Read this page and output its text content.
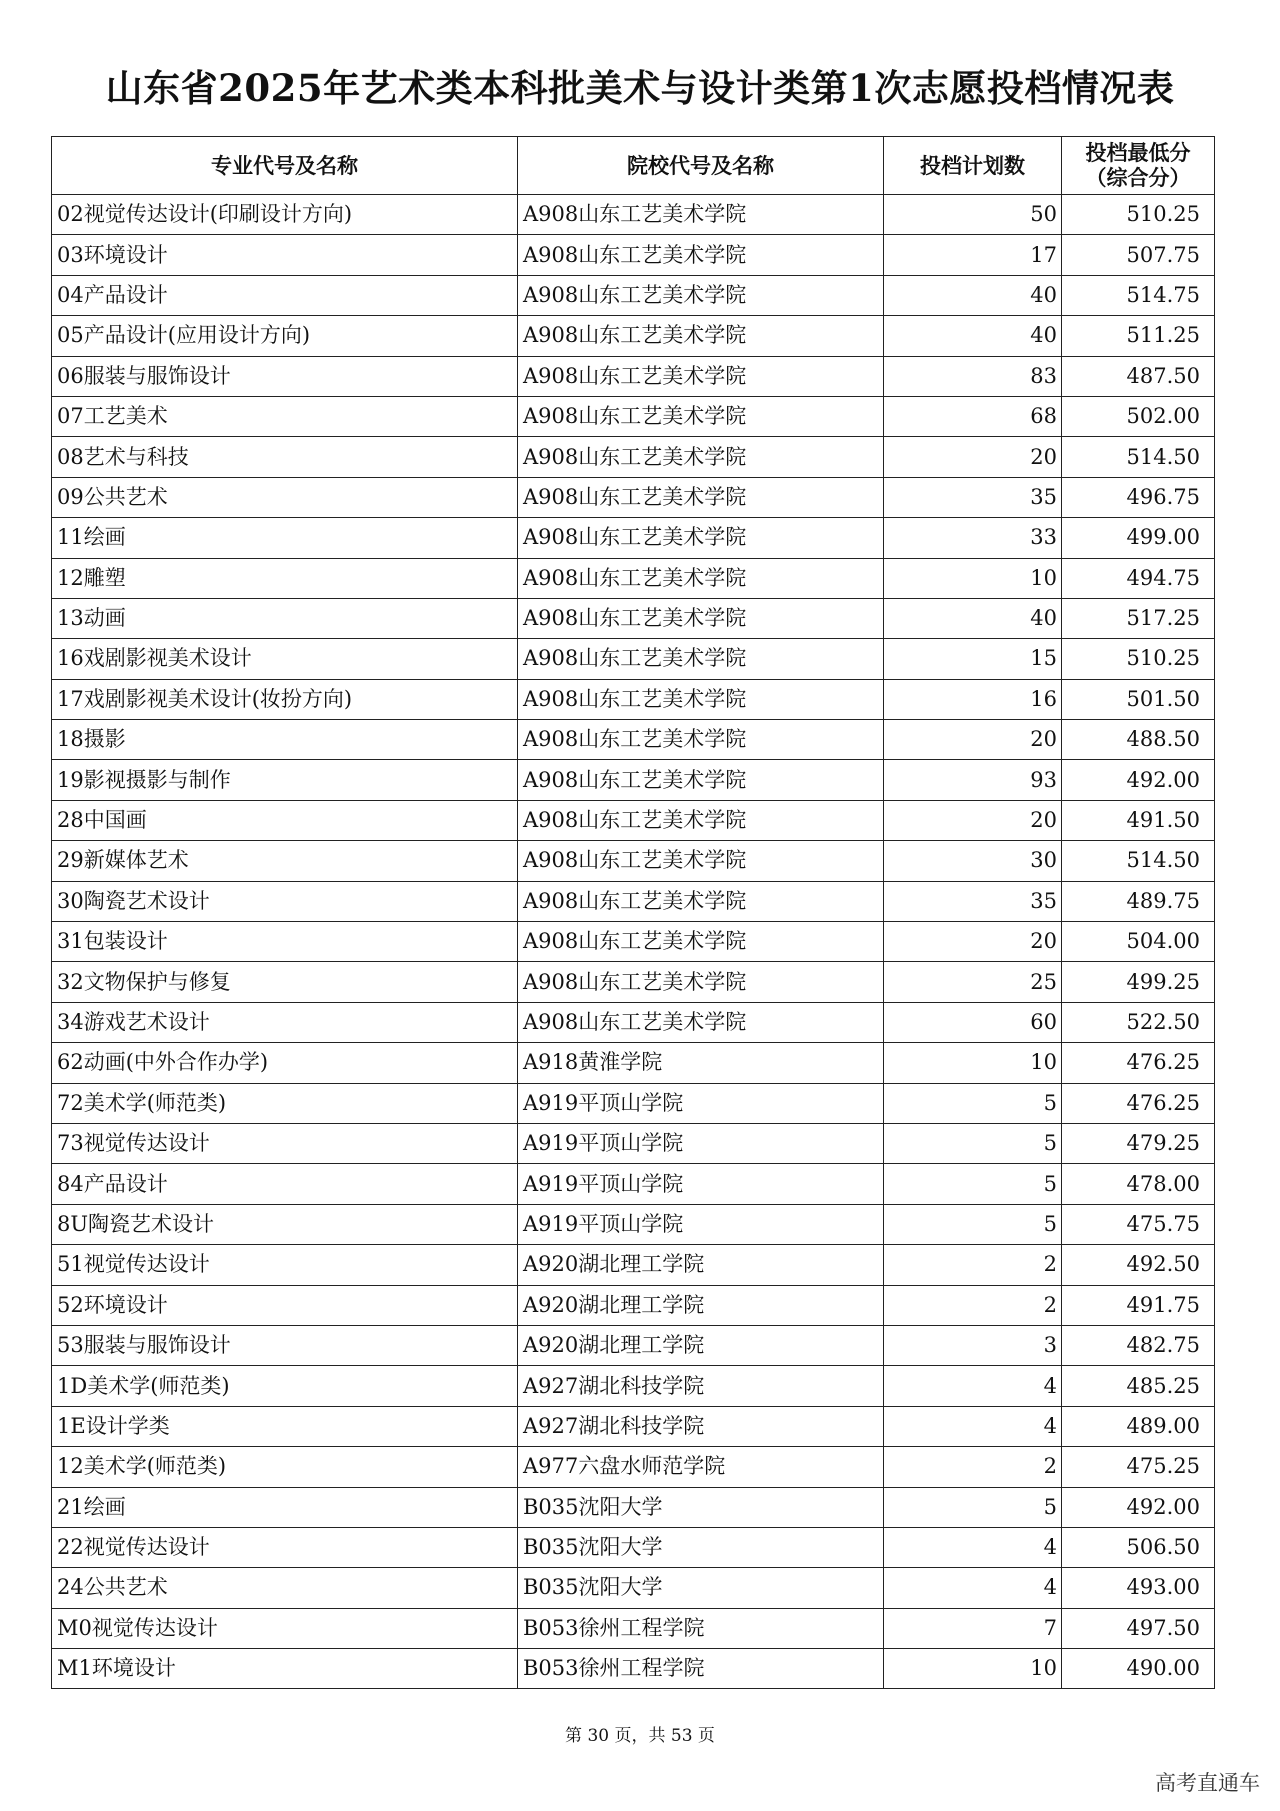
山东省2025年艺术类本科批美术与设计类第1次志愿投档情况表
专业代号及名称	院校代号及名称	投档计划数	投档最低分
（综合分）

02视觉传达设计(印刷设计方向)	A908山东工艺美术学院	50	510.25
03环境设计	A908山东工艺美术学院	17	507.75
04产品设计	A908山东工艺美术学院	40	514.75
05产品设计(应用设计方向)	A908山东工艺美术学院	40	511.25
06服装与服饰设计	A908山东工艺美术学院	83	487.50
07工艺美术	A908山东工艺美术学院	68	502.00
08艺术与科技	A908山东工艺美术学院	20	514.50
09公共艺术	A908山东工艺美术学院	35	496.75
11绘画	A908山东工艺美术学院	33	499.00
12雕塑	A908山东工艺美术学院	10	494.75
13动画	A908山东工艺美术学院	40	517.25
16戏剧影视美术设计	A908山东工艺美术学院	15	510.25
17戏剧影视美术设计(妆扮方向)	A908山东工艺美术学院	16	501.50
18摄影	A908山东工艺美术学院	20	488.50
19影视摄影与制作	A908山东工艺美术学院	93	492.00
28中国画	A908山东工艺美术学院	20	491.50
29新媒体艺术	A908山东工艺美术学院	30	514.50
30陶瓷艺术设计	A908山东工艺美术学院	35	489.75
31包装设计	A908山东工艺美术学院	20	504.00
32文物保护与修复	A908山东工艺美术学院	25	499.25
34游戏艺术设计	A908山东工艺美术学院	60	522.50
62动画(中外合作办学)	A918黄淮学院	10	476.25
72美术学(师范类)	A919平顶山学院	5	476.25
73视觉传达设计	A919平顶山学院	5	479.25
84产品设计	A919平顶山学院	5	478.00
8U陶瓷艺术设计	A919平顶山学院	5	475.75
51视觉传达设计	A920湖北理工学院	2	492.50
52环境设计	A920湖北理工学院	2	491.75
53服装与服饰设计	A920湖北理工学院	3	482.75
1D美术学(师范类)	A927湖北科技学院	4	485.25
1E设计学类	A927湖北科技学院	4	489.00
12美术学(师范类)	A977六盘水师范学院	2	475.25
21绘画	B035沈阳大学	5	492.00
22视觉传达设计	B035沈阳大学	4	506.50
24公共艺术	B035沈阳大学	4	493.00
M0视觉传达设计	B053徐州工程学院	7	497.50
M1环境设计	B053徐州工程学院	10	490.00
第 30 页，共 53 页
高考直通车
